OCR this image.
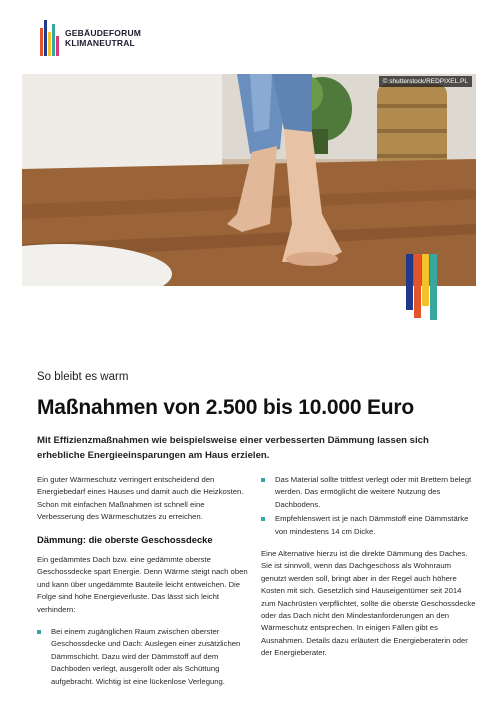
GEBÄUDEFORUM
KLIMANEUTRAL
© shutterstock/REDPIXEL.PL
So bleibt es warm
Maßnahmen von 2.500 bis 10.000 Euro
Mit Effizienzmaßnahmen wie beispielsweise einer verbesserten Dämmung lassen sich erhebliche Energieeinsparungen am Haus erzielen.

Ein guter Wärmeschutz verringert entscheidend den Energiebedarf eines Hauses und damit auch die Heizkosten. Schon mit einfachen Maßnahmen ist schnell eine Verbesserung des Wärmeschutzes zu erreichen.

Dämmung: die oberste Geschossdecke

Ein gedämmtes Dach bzw. eine gedämmte oberste Geschossdecke spart Energie. Denn Wärme steigt nach oben und kann über ungedämmte Bauteile leicht entweichen. Die Folge sind hohe Energieverluste. Das lässt sich leicht verhindern:

Bei einem zugänglichen Raum zwischen oberster Geschossdecke und Dach: Auslegen einer zusätzlichen Dämmschicht. Dazu wird der Dämmstoff auf dem Dachboden verlegt, ausgerollt oder als Schüttung aufgebracht. Wichtig ist eine lückenlose Verlegung.
Das Material sollte trittfest verlegt oder mit Brettern belegt werden. Das ermöglicht die weitere Nutzung des Dachbodens.
Empfehlenswert ist je nach Dämmstoff eine Dämmstärke von mindestens 14 cm Dicke.

Eine Alternative hierzu ist die direkte Dämmung des Daches. Sie ist sinnvoll, wenn das Dachgeschoss als Wohnraum genutzt werden soll, bringt aber in der Regel auch höhere Kosten mit sich. Gesetzlich sind Hauseigentümer seit 2014 zum Nachrüsten verpflichtet, sollte die oberste Geschossdecke oder das Dach nicht den Mindestanforderungen an den Wärmeschutz entsprechen. In einigen Fällen gibt es Ausnahmen. Details dazu erläutert die Energieberaterin oder der Energieberater.
